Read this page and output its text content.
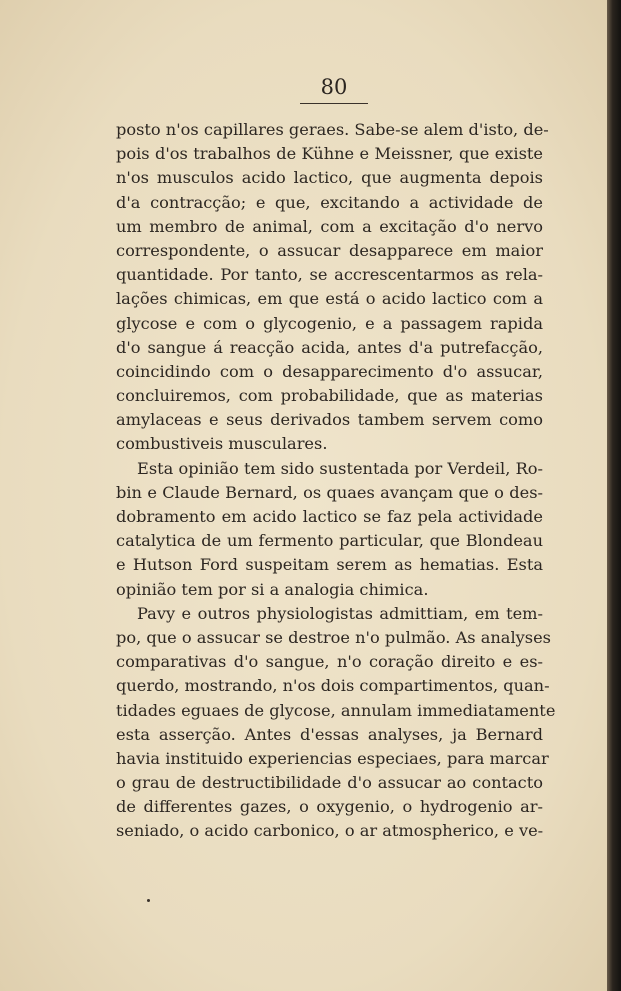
80
posto n'os capillares geraes. Sabe-se alem d'isto, de-
pois d'os trabalhos de Kühne e Meissner, que existe
n'os musculos acido lactico, que augmenta depois
d'a contracção; e que, excitando a actividade de
um membro de animal, com a excitação d'o nervo
correspondente, o assucar desapparece em maior
quantidade. Por tanto, se accrescentarmos as rela-
lações chimicas, em que está o acido lactico com a
glycose e com o glycogenio, e a passagem rapida
d'o sangue á reacção acida, antes d'a putrefacção,
coincidindo com o desapparecimento d'o assucar,
concluiremos, com probabilidade, que as materias
amylaceas e seus derivados tambem servem como
combustiveis musculares.
Esta opinião tem sido sustentada por Verdeil, Ro-
bin e Claude Bernard, os quaes avançam que o des-
dobramento em acido lactico se faz pela actividade
catalytica de um fermento particular, que Blondeau
e Hutson Ford suspeitam serem as hematias. Esta
opinião tem por si a analogia chimica.
Pavy e outros physiologistas admittiam, em tem-
po, que o assucar se destroe n'o pulmão. As analyses
comparativas d'o sangue, n'o coração direito e es-
querdo, mostrando, n'os dois compartimentos, quan-
tidades eguaes de glycose, annulam immediatamente
esta asserção. Antes d'essas analyses, ja Bernard
havia instituido experiencias especiaes, para marcar
o grau de destructibilidade d'o assucar ao contacto
de differentes gazes, o oxygenio, o hydrogenio ar-
seniado, o acido carbonico, o ar atmospherico, e ve-
